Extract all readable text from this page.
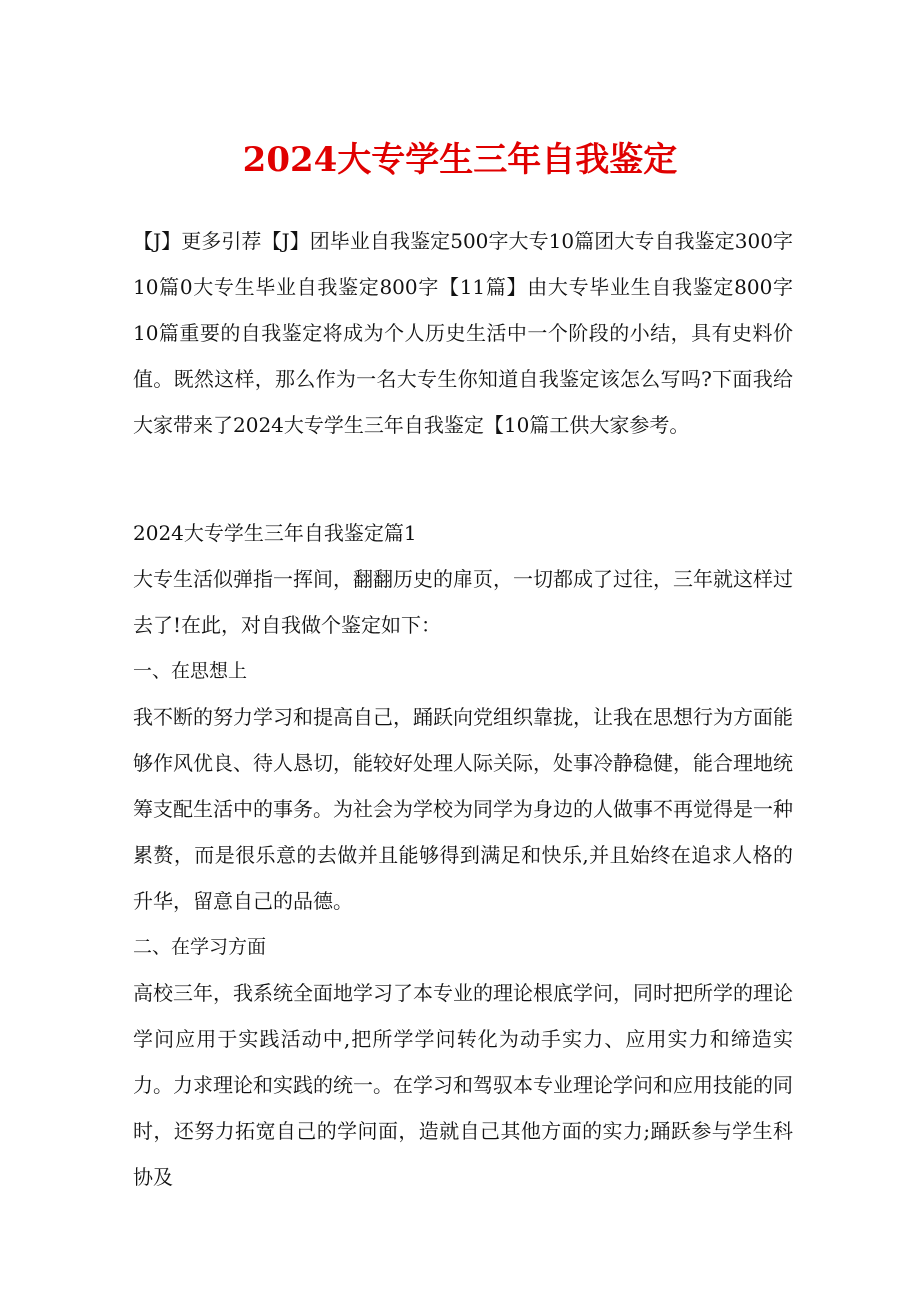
2024大专学生三年自我鉴定

【J】更多引荐【J】团毕业自我鉴定500字大专10篇团大专自我鉴定300字10篇0大专生毕业自我鉴定800字【11篇】由大专毕业生自我鉴定800字10篇重要的自我鉴定将成为个人历史生活中一个阶段的小结，具有史料价值。既然这样，那么作为一名大专生你知道自我鉴定该怎么写吗?下面我给大家带来了2024大专学生三年自我鉴定【10篇工供大家参考。

2024大专学生三年自我鉴定篇1

大专生活似弹指一挥间，翻翻历史的扉页，一切都成了过往，三年就这样过去了!在此，对自我做个鉴定如下：

一、在思想上

我不断的努力学习和提高自己，踊跃向党组织靠拢，让我在思想行为方面能够作风优良、待人恳切，能较好处理人际关际，处事冷静稳健，能合理地统筹支配生活中的事务。为社会为学校为同学为身边的人做事不再觉得是一种累赘，而是很乐意的去做并且能够得到满足和快乐,并且始终在追求人格的升华，留意自己的品德。

二、在学习方面

高校三年，我系统全面地学习了本专业的理论根底学问，同时把所学的理论学问应用于实践活动中,把所学学问转化为动手实力、应用实力和缔造实力。力求理论和实践的统一。在学习和驾驭本专业理论学问和应用技能的同时，还努力拓宽自己的学问面，造就自己其他方面的实力;踊跃参与学生科协及
